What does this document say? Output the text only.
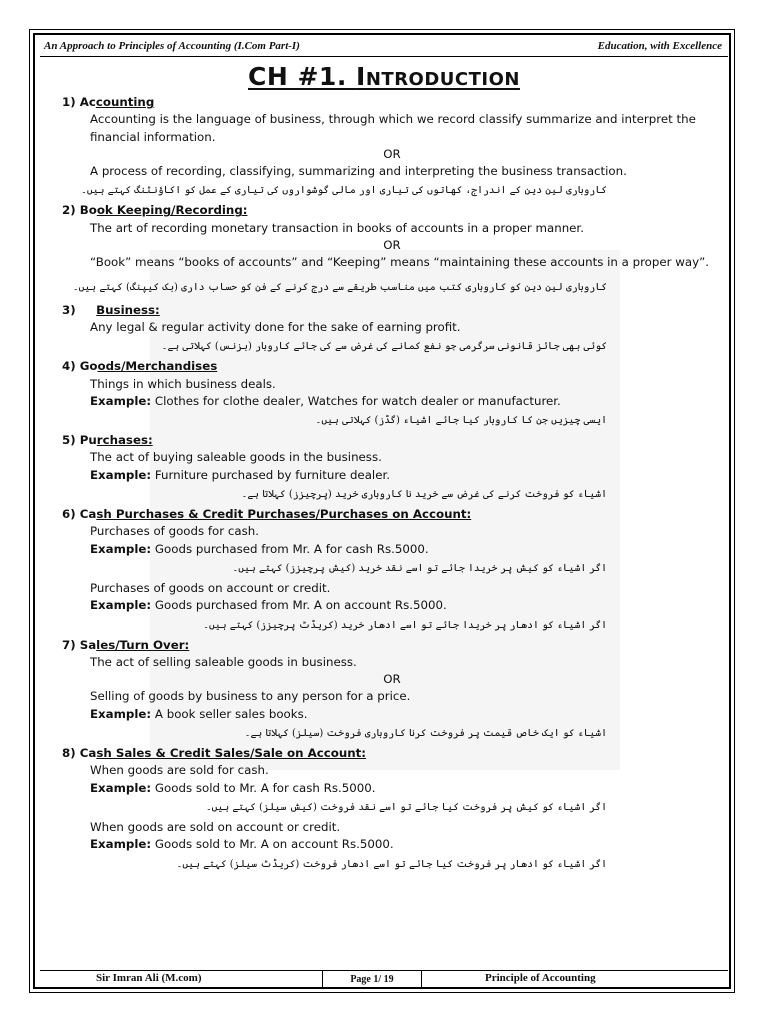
An Approach to Principles of Accounting (I.Com Part-I)	Education, with Excellence
CH #1. Introduction
1) Accounting
Accounting is the language of business, through which we record classify summarize and interpret the financial information.
OR
A process of recording, classifying, summarizing and interpreting the business transaction.
کاروباری لین دین کے اندراج، کھاتوں کی تیاری اور مالی گوشواروں کی تیاری کے عمل کو اکاؤنٹنگ کہتے ہیں۔
2) Book Keeping/Recording:
The art of recording monetary transaction in books of accounts in a proper manner.
OR
“Book” means “books of accounts” and “Keeping” means “maintaining these accounts in a proper way”.
کاروباری لین دین کو کاروباری کتب میں مناسب طریقے سے درج کرنے کے فن کو حساب داری (بک کیپنگ) کہتے ہیں۔
3) Business:
Any legal & regular activity done for the sake of earning profit.
کوئی بھی جائز قانونی سرگرمی جو نفع کمانے کی غرض سے کی جائے کاروبار (بزنس) کہلاتی ہے۔
4) Goods/Merchandises
Things in which business deals.
Example: Clothes for clothe dealer, Watches for watch dealer or manufacturer.
ایسی چیزیں جن کا کاروبار کیا جائے اشیاء (گڈز) کہلاتی ہیں۔
5) Purchases:
The act of buying saleable goods in the business.
Example: Furniture purchased by furniture dealer.
اشیاء کو فروخت کرنے کی غرض سے خرید نا کاروباری خرید (پرچیزز) کہلاتا ہے۔
6) Cash Purchases & Credit Purchases/Purchases on Account:
Purchases of goods for cash.
Example: Goods purchased from Mr. A for cash Rs.5000.
اگر اشیاء کو کیش پر خریدا جائے تو اسے نقد خرید (کیش پرچیزز) کہتے ہیں۔
Purchases of goods on account or credit.
Example: Goods purchased from Mr. A on account Rs.5000.
اگر اشیاء کو ادھار پر خریدا جائے تو اسے ادھار خرید (کریڈٹ پرچیزز) کہتے ہیں۔
7) Sales/Turn Over:
The act of selling saleable goods in business.
OR
Selling of goods by business to any person for a price.
Example: A book seller sales books.
اشیاء کو ایک خاص قیمت پر فروخت کرنا کاروباری فروخت (سیلز) کہلاتا ہے۔
8) Cash Sales & Credit Sales/Sale on Account:
When goods are sold for cash.
Example: Goods sold to Mr. A for cash Rs.5000.
اگر اشیاء کو کیش پر فروخت کیا جائے تو اسے نقد فروخت (کیش سیلز) کہتے ہیں۔
When goods are sold on account or credit.
Example: Goods sold to Mr. A on account Rs.5000.
اگر اشیاء کو ادھار پر فروخت کیا جائے تو اسے ادھار فروخت (کریڈٹ سیلز) کہتے ہیں۔
Sir Imran Ali (M.com)	Page 1/ 19	Principle of Accounting
